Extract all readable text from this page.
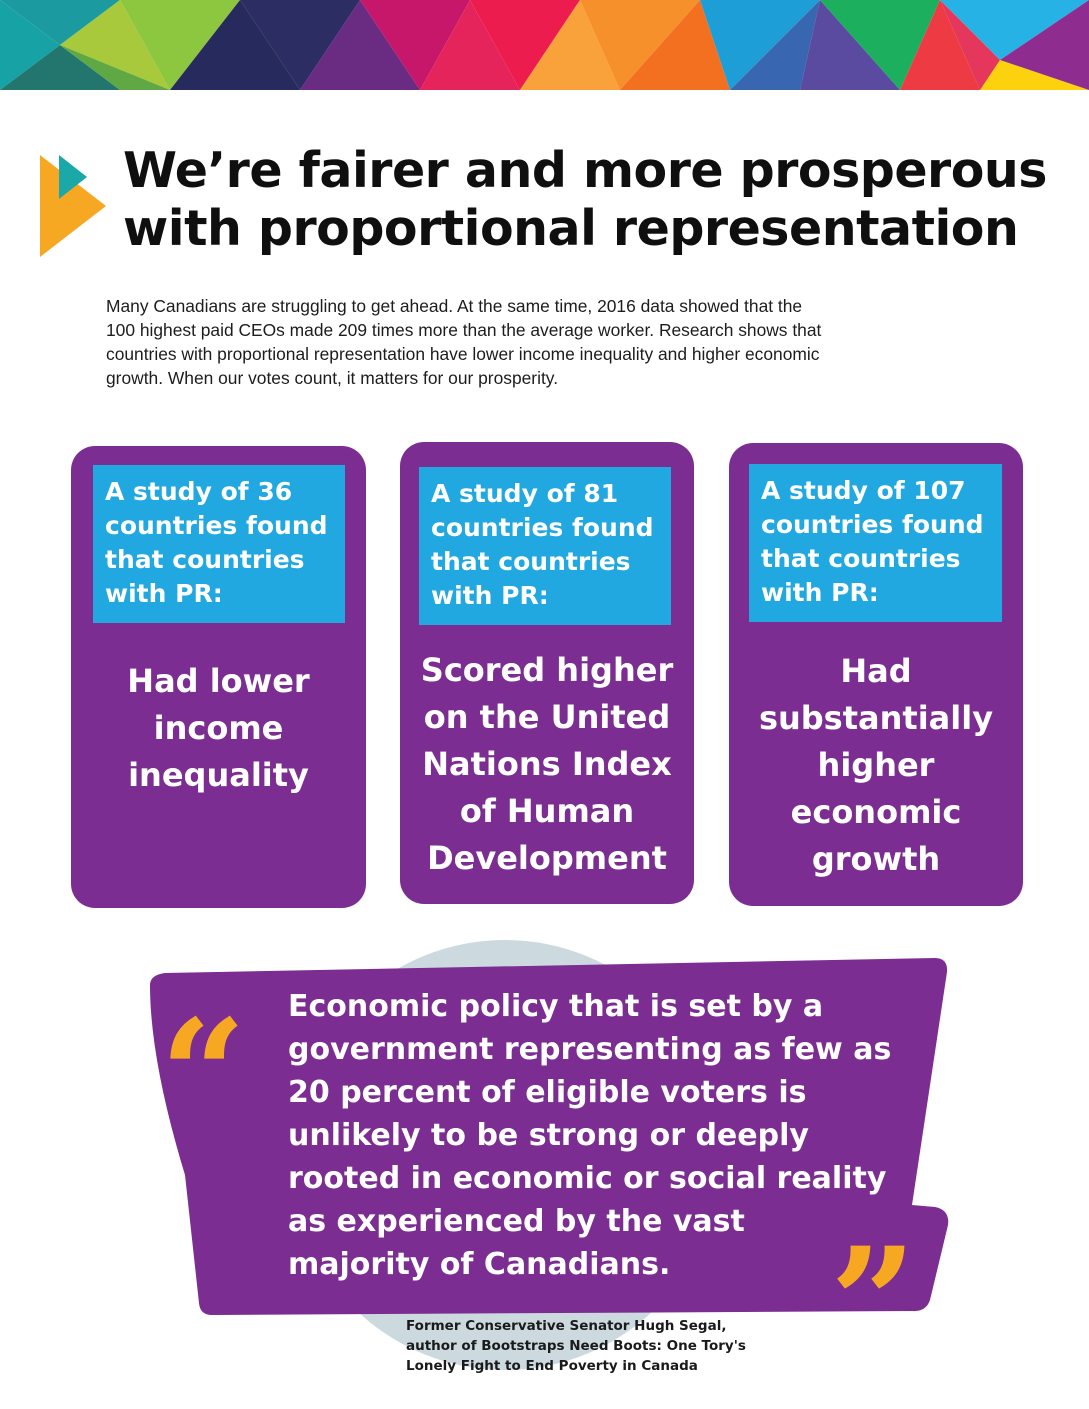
We’re fairer and more prosperous
with proportional representation

Many Canadians are struggling to get ahead. At the same time, 2016 data showed that the
100 highest paid CEOs made 209 times more than the average worker. Research shows that
countries with proportional representation have lower income inequality and higher economic
growth. When our votes count, it matters for our prosperity.

A study of 36
countries found
that countries
with PR:
Had lower
income
inequality
A study of 81
countries found
that countries
with PR:
Scored higher
on the United
Nations Index
of Human
Development
A study of 107
countries found
that countries
with PR:
Had
substantially
higher
economic
growth
“
”

Economic policy that is set by a
government representing as few as
20 percent of eligible voters is
unlikely to be strong or deeply
rooted in economic or social reality
as experienced by the vast
majority of Canadians.

Former Conservative Senator Hugh Segal,
author of Bootstraps Need Boots: One Tory's
Lonely Fight to End Poverty in Canada
